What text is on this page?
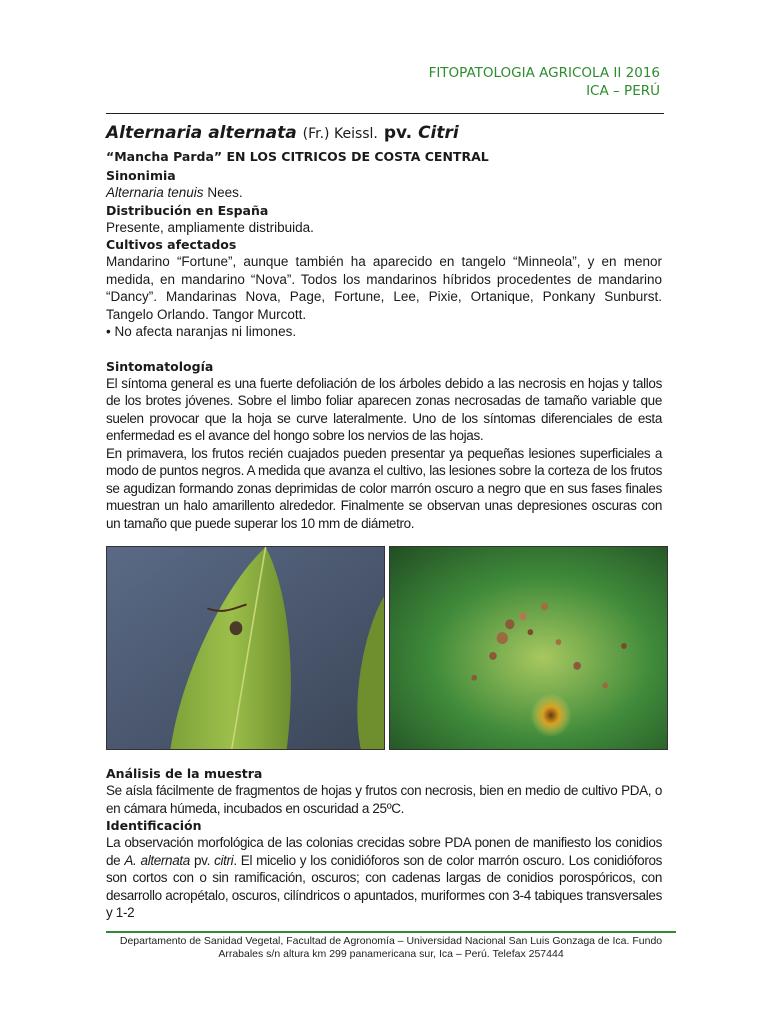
FITOPATOLOGIA AGRICOLA II 2016
ICA – PERÚ

Alternaria alternata (Fr.) Keissl. pv. Citri

“Mancha Parda” EN LOS CITRICOS DE COSTA CENTRAL

Sinonimia

Alternaria tenuis Nees.

Distribución en España

Presente, ampliamente distribuida.

Cultivos afectados

Mandarino “Fortune”, aunque también ha aparecido en tangelo “Minneola”, y en menor medida, en mandarino “Nova”. Todos los mandarinos híbridos procedentes de mandarino “Dancy”. Mandarinas Nova, Page, Fortune, Lee, Pixie, Ortanique, Ponkany Sunburst. Tangelo Orlando. Tangor Murcott.

• No afecta naranjas ni limones.

Sintomatología

El síntoma general es una fuerte defoliación de los árboles debido a las necrosis en hojas y tallos de los brotes jóvenes. Sobre el limbo foliar aparecen zonas necrosadas de tamaño variable que suelen provocar que la hoja se curve lateralmente. Uno de los síntomas diferenciales de esta enfermedad es el avance del hongo sobre los nervios de las hojas.

En primavera, los frutos recién cuajados pueden presentar ya pequeñas lesiones superficiales a modo de puntos negros. A medida que avanza el cultivo, las lesiones sobre la corteza de los frutos se agudizan formando zonas deprimidas de color marrón oscuro a negro que en sus fases finales muestran un halo amarillento alrededor. Finalmente se observan unas depresiones oscuras con un tamaño que puede superar los 10 mm de diámetro.

Análisis de la muestra

Se aísla fácilmente de fragmentos de hojas y frutos con necrosis, bien en medio de cultivo PDA, o en cámara húmeda, incubados en oscuridad a 25ºC.

Identificación

La observación morfológica de las colonias crecidas sobre PDA ponen de manifiesto los conidios de A. alternata pv. citri. El micelio y los conidióforos son de color marrón oscuro. Los conidióforos son cortos con o sin ramificación, oscuros; con cadenas largas de conidios porospóricos, con desarrollo acropétalo, oscuros, cilíndricos o apuntados, muriformes con 3-4 tabiques transversales y 1-2

Departamento de Sanidad Vegetal, Facultad de Agronomía – Universidad Nacional San Luis Gonzaga de Ica. Fundo
Arrabales s/n altura km 299 panamericana sur, Ica – Perú. Telefax 257444
